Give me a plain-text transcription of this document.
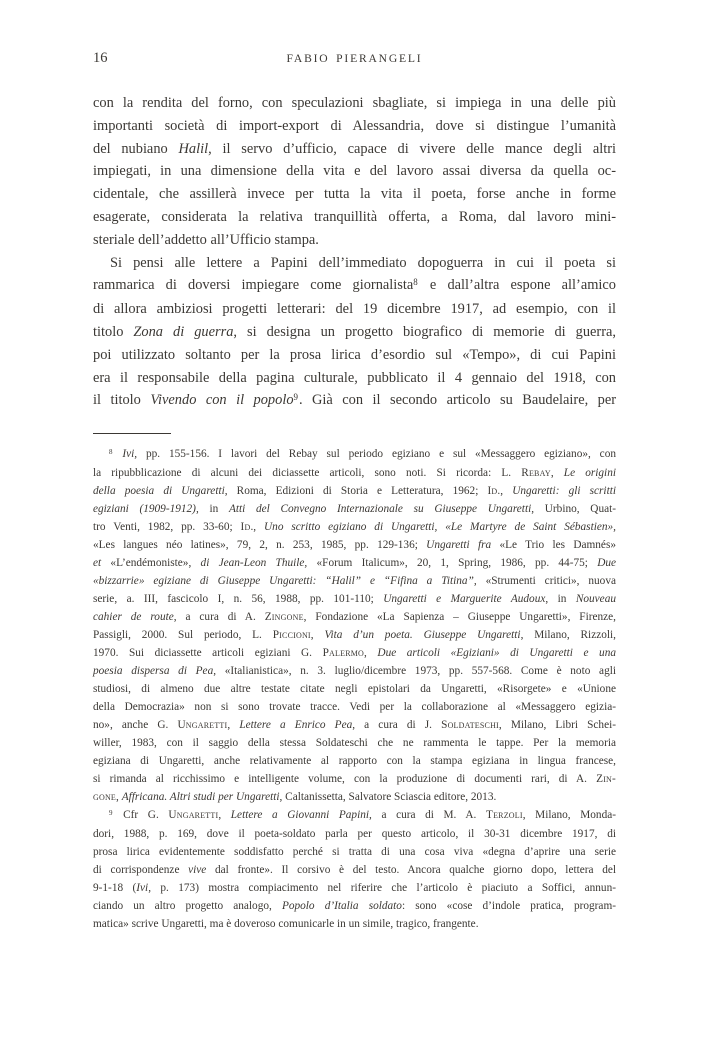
16	FABIO PIERANGELI
con la rendita del forno, con speculazioni sbagliate, si impiega in una delle più
importanti società di import-export di Alessandria, dove si distingue l’umanità
del nubiano Halil, il servo d’ufficio, capace di vivere delle mance degli altri
impiegati, in una dimensione della vita e del lavoro assai diversa da quella oc-
cidentale, che assillerà invece per tutta la vita il poeta, forse anche in forme
esagerate, considerata la relativa tranquillità offerta, a Roma, dal lavoro mini-
steriale dell’addetto all’Ufficio stampa.
Si pensi alle lettere a Papini dell’immediato dopoguerra in cui il poeta si
rammarica di doversi impiegare come giornalista$^8$ e dall’altra espone all’amico
di allora ambiziosi progetti letterari: del 19 dicembre 1917, ad esempio, con il
titolo Zona di guerra, si designa un progetto biografico di memorie di guerra,
poi utilizzato soltanto per la prosa lirica d’esordio sul «Tempo», di cui Papini
era il responsabile della pagina culturale, pubblicato il 4 gennaio del 1918, con
il titolo Vivendo con il popolo$^9$. Già con il secondo articolo su Baudelaire, per
$^8$ Ivi, pp. 155-156. I lavori del Rebay sul periodo egiziano e sul «Messaggero egiziano», con
la ripubblicazione di alcuni dei diciassette articoli, sono noti. Si ricorda: L. Rebay, Le origini
della poesia di Ungaretti, Roma, Edizioni di Storia e Letteratura, 1962; Id., Ungaretti: gli scritti
egiziani (1909-1912), in Atti del Convegno Internazionale su Giuseppe Ungaretti, Urbino, Quat-
tro Venti, 1982, pp. 33-60; Id., Uno scritto egiziano di Ungaretti, «Le Martyre de Saint Sébastien»,
«Les langues néo latines», 79, 2, n. 253, 1985, pp. 129-136; Ungaretti fra «Le Trio les Damnés»
et «L’endémoniste», di Jean-Leon Thuile, «Forum Italicum», 20, 1, Spring, 1986, pp. 44-75; Due
«bizzarrie» egiziane di Giuseppe Ungaretti: “Halil” e “Fifina a Titina”, «Strumenti critici», nuova
serie, a. III, fascicolo I, n. 56, 1988, pp. 101-110; Ungaretti e Marguerite Audoux, in Nouveau
cahier de route, a cura di A. Zingone, Fondazione «La Sapienza – Giuseppe Ungaretti», Firenze,
Passigli, 2000. Sul periodo, L. Piccioni, Vita d’un poeta. Giuseppe Ungaretti, Milano, Rizzoli,
1970. Sui diciassette articoli egiziani G. Palermo, Due articoli «Egiziani» di Ungaretti e una
poesia dispersa di Pea, «Italianistica», n. 3. luglio/dicembre 1973, pp. 557-568. Come è noto agli
studiosi, di almeno due altre testate citate negli epistolari da Ungaretti, «Risorgete» e «Unione
della Democrazia» non si sono trovate tracce. Vedi per la collaborazione al «Messaggero egizia-
no», anche G. Ungaretti, Lettere a Enrico Pea, a cura di J. Soldateschi, Milano, Libri Schei-
willer, 1983, con il saggio della stessa Soldateschi che ne rammenta le tappe. Per la memoria
egiziana di Ungaretti, anche relativamente al rapporto con la stampa egiziana in lingua francese,
si rimanda al ricchissimo e intelligente volume, con la produzione di documenti rari, di A. Zin-
gone, Affricana. Altri studi per Ungaretti, Caltanissetta, Salvatore Sciascia editore, 2013.
$^9$ Cfr G. Ungaretti, Lettere a Giovanni Papini, a cura di M. A. Terzoli, Milano, Monda-
dori, 1988, p. 169, dove il poeta-soldato parla per questo articolo, il 30-31 dicembre 1917, di
prosa lirica evidentemente soddisfatto perché si tratta di una cosa viva «degna d’aprire una serie
di corrispondenze vive dal fronte». Il corsivo è del testo. Ancora qualche giorno dopo, lettera del
9-1-18 (Ivi, p. 173) mostra compiacimento nel riferire che l’articolo è piaciuto a Soffici, annun-
ciando un altro progetto analogo, Popolo d’Italia soldato: sono «cose d’indole pratica, program-
matica» scrive Ungaretti, ma è doveroso comunicarle in un simile, tragico, frangente.
